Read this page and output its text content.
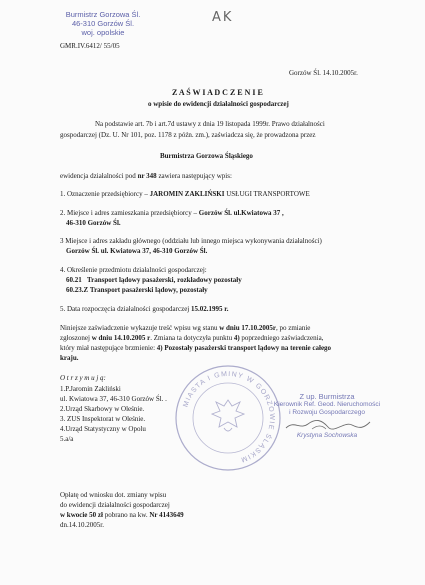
Burmistrz Gorzowa Śl.
46-310 Gorzów Śl.
woj. opolskie
GMR.IV.6412/ 55/05
AK
Gorzów Śl. 14.10.2005r.
Z A Ś W I A D C Z E N I E
o wpisie do ewidencji działalności gospodarczej
Na podstawie art. 7b i art.7d ustawy z dnia 19 listopada 1999r. Prawo działalności
gospodarczej (Dz. U. Nr 101, poz. 1178 z późn. zm.), zaświadcza się, że prowadzona przez
Burmistrza Gorzowa Śląskiego
ewidencja działalności pod nr 348 zawiera następujący wpis:
1. Oznaczenie przedsiębiorcy – JAROMIN ZAKLIŃSKI USŁUGI TRANSPORTOWE
2. Miejsce i adres zamieszkania przedsiębiorcy – Gorzów Śl. ul.Kwiatowa 37 ,
46-310 Gorzów Śl.
3 Miejsce i adres zakładu głównego (oddziału lub innego miejsca wykonywania działalności)
Gorzów Śl. ul. Kwiatowa 37, 46-310 Gorzów Śl.
4. Określenie przedmiotu działalności gospodarczej:
60.21 Transport lądowy pasażerski, rozkładowy pozostały
60.23.Z Transport pasażerski lądowy, pozostały
5. Data rozpoczęcia działalności gospodarczej 15.02.1995 r.
Niniejsze zaświadczenie wykazuje treść wpisu wg stanu w dniu 17.10.2005r, po zmianie
zgłoszonej w dniu 14.10.2005 r. Zmiana ta dotyczyła punktu 4) poprzedniego zaświadczenia,
który miał następujące brzmienie: 4) Pozostały pasażerski transport lądowy na terenie całego
kraju.
O t r z y m u j ą:
1.P.Jaromin Zakliński
ul. Kwiatowa 37, 46-310 Gorzów Śl. .
2.Urząd Skarbowy w Oleśnie.
3. ZUS Inspektorat w Oleśnie.
4.Urząd Statystyczny w Opolu
5.a/a
MIASTA I GMINY W GORZOWIE ŚLĄSKIM
Z up. Burmistrza
Kierownik Ref. Geod. Nieruchomości
i Rozwoju Gospodarczego
Krystyna Sochowska
Opłatę od wniosku dot. zmiany wpisu
do ewidencji działalności gospodarczej
w kwocie 50 zł pobrano na kw. Nr 4143649
dn.14.10.2005r.
